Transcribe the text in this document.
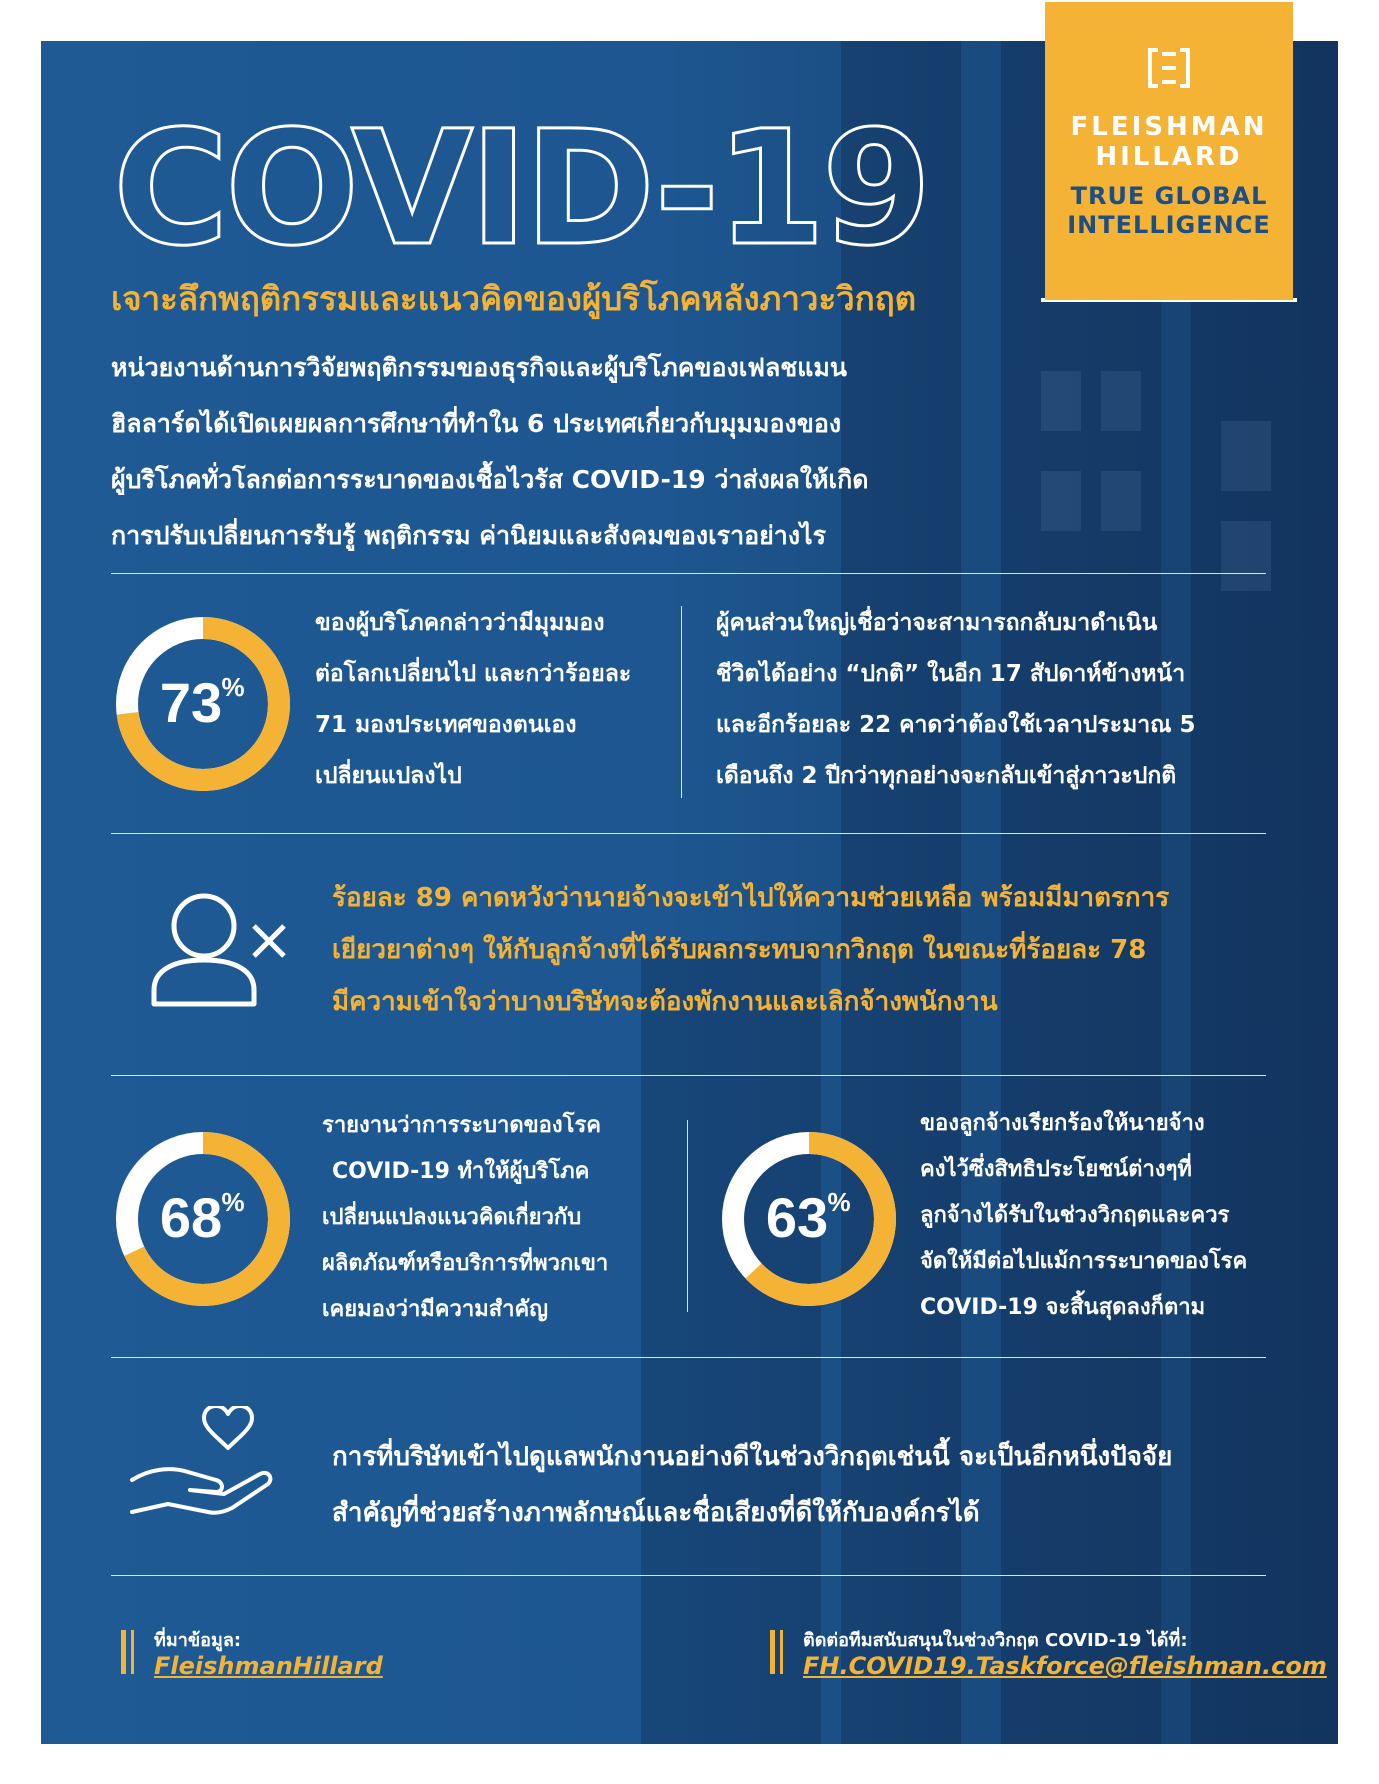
FLEISHMAN
HILLARD
TRUE GLOBAL
INTELLIGENCE
COVID-19
เจาะลึกพฤติกรรมและแนวคิดของผู้บริโภคหลังภาวะวิกฤต
หน่วยงานด้านการวิจัยพฤติกรรมของธุรกิจและผู้บริโภคของเฟลชแมน
ฮิลลาร์ดได้เปิดเผยผลการศึกษาที่ทำใน 6 ประเทศเกี่ยวกับมุมมองของ
ผู้บริโภคทั่วโลกต่อการระบาดของเชื้อไวรัส COVID-19 ว่าส่งผลให้เกิด
การปรับเปลี่ยนการรับรู้ พฤติกรรม ค่านิยมและสังคมของเราอย่างไร
73 %
ของผู้บริโภคกล่าวว่ามีมุมมอง
ต่อโลกเปลี่ยนไป และกว่าร้อยละ
71 มองประเทศของตนเอง
เปลี่ยนแปลงไป
ผู้คนส่วนใหญ่เชื่อว่าจะสามารถกลับมาดำเนิน
ชีวิตได้อย่าง “ปกติ” ในอีก 17 สัปดาห์ข้างหน้า
และอีกร้อยละ 22 คาดว่าต้องใช้เวลาประมาณ 5
เดือนถึง 2 ปีกว่าทุกอย่างจะกลับเข้าสู่ภาวะปกติ
ร้อยละ 89 คาดหวังว่านายจ้างจะเข้าไปให้ความช่วยเหลือ พร้อมมีมาตรการ
เยียวยาต่างๆ ให้กับลูกจ้างที่ได้รับผลกระทบจากวิกฤต ในขณะที่ร้อยละ 78
มีความเข้าใจว่าบางบริษัทจะต้องพักงานและเลิกจ้างพนักงาน
68 %
รายงานว่าการระบาดของโรค
COVID-19 ทำให้ผู้บริโภค
เปลี่ยนแปลงแนวคิดเกี่ยวกับ
ผลิตภัณฑ์หรือบริการที่พวกเขา
เคยมองว่ามีความสำคัญ
63 %
ของลูกจ้างเรียกร้องให้นายจ้าง
คงไว้ซึ่งสิทธิประโยชน์ต่างๆที่
ลูกจ้างได้รับในช่วงวิกฤตและควร
จัดให้มีต่อไปแม้การระบาดของโรค
COVID-19 จะสิ้นสุดลงก็ตาม
การที่บริษัทเข้าไปดูแลพนักงานอย่างดีในช่วงวิกฤตเช่นนี้ จะเป็นอีกหนึ่งปัจจัย
สำคัญที่ช่วยสร้างภาพลักษณ์และชื่อเสียงที่ดีให้กับองค์กรได้
ที่มาข้อมูล:
FleishmanHillard
ติดต่อทีมสนับสนุนในช่วงวิกฤต COVID-19 ได้ที่:
FH.COVID19.Taskforce@fleishman.com
